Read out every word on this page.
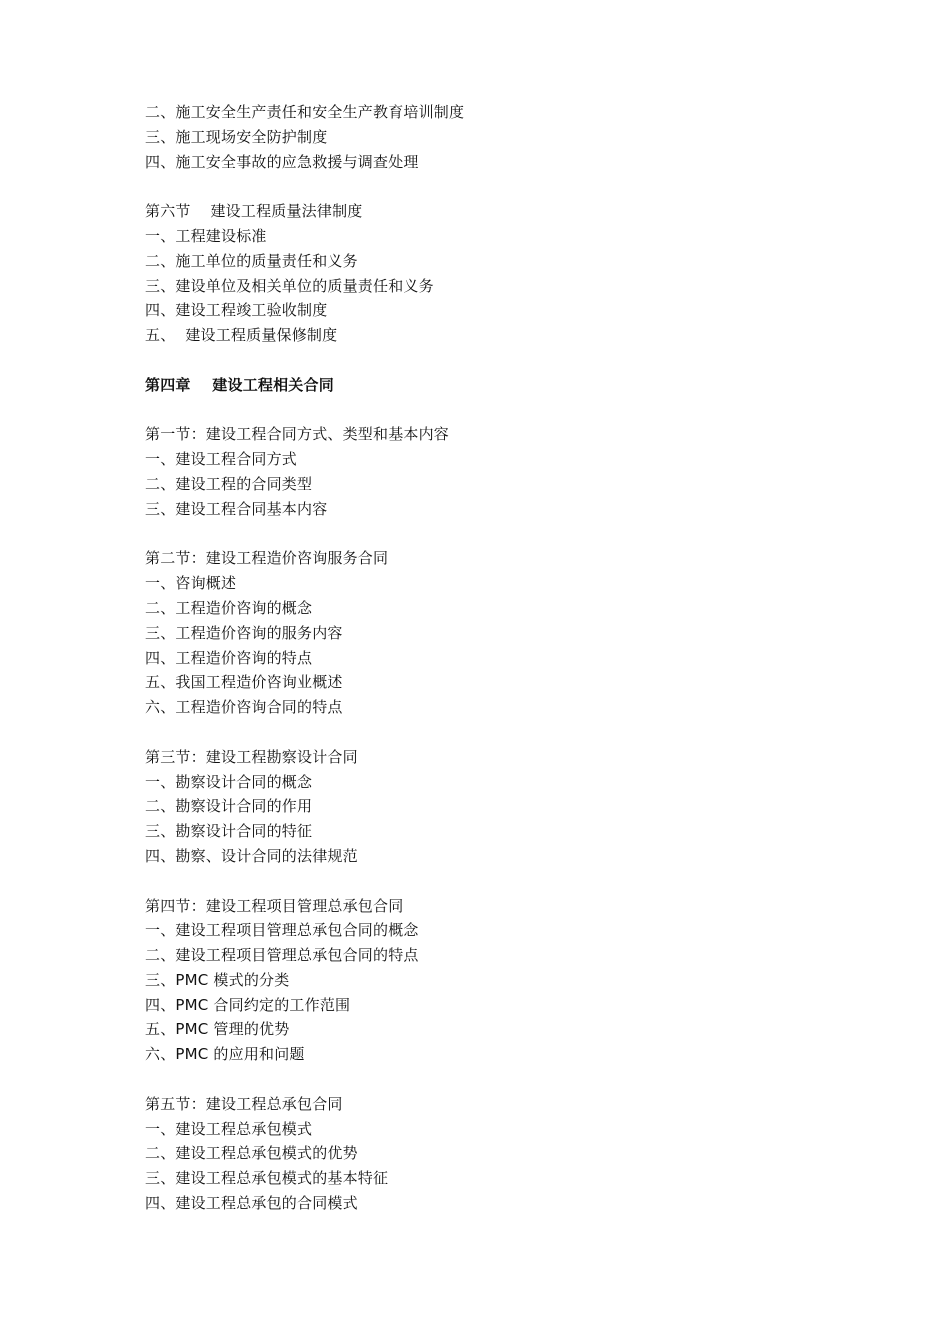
二、施工安全生产责任和安全生产教育培训制度
三、施工现场安全防护制度
四、施工安全事故的应急救援与调查处理
第六节    建设工程质量法律制度
一、工程建设标准
二、施工单位的质量责任和义务
三、建设单位及相关单位的质量责任和义务
四、建设工程竣工验收制度
五、  建设工程质量保修制度
第四章    建设工程相关合同
第一节：建设工程合同方式、类型和基本内容
一、建设工程合同方式
二、建设工程的合同类型
三、建设工程合同基本内容
第二节：建设工程造价咨询服务合同
一、咨询概述
二、工程造价咨询的概念
三、工程造价咨询的服务内容
四、工程造价咨询的特点
五、我国工程造价咨询业概述
六、工程造价咨询合同的特点
第三节：建设工程勘察设计合同
一、勘察设计合同的概念
二、勘察设计合同的作用
三、勘察设计合同的特征
四、勘察、设计合同的法律规范
第四节：建设工程项目管理总承包合同
一、建设工程项目管理总承包合同的概念
二、建设工程项目管理总承包合同的特点
三、PMC 模式的分类
四、PMC 合同约定的工作范围
五、PMC 管理的优势
六、PMC 的应用和问题
第五节：建设工程总承包合同
一、建设工程总承包模式
二、建设工程总承包模式的优势
三、建设工程总承包模式的基本特征
四、建设工程总承包的合同模式
